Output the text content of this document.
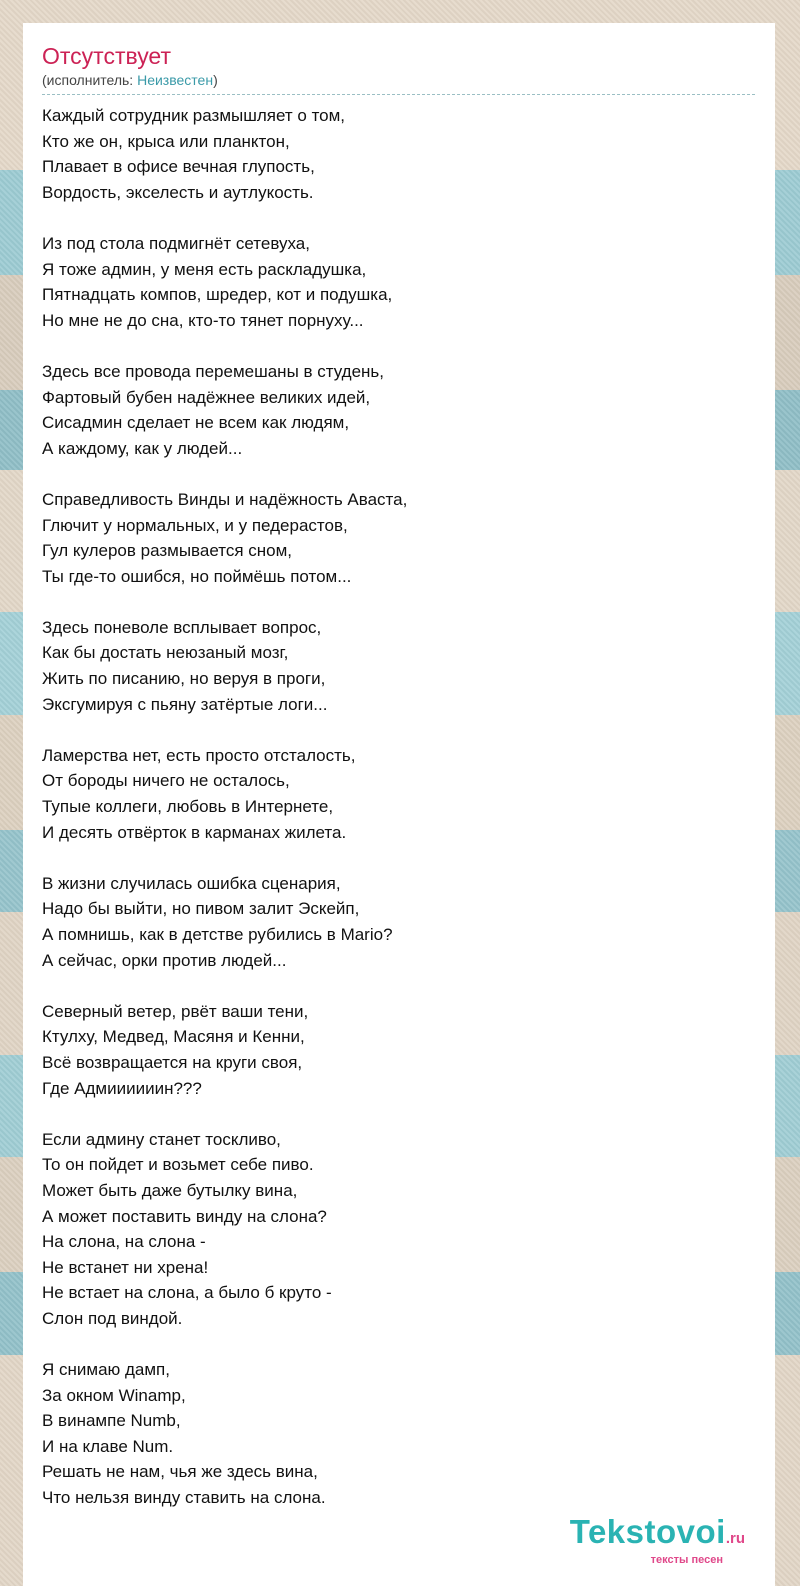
Отсутствует
(исполнитель: Неизвестен)
Каждый сотрудник размышляет о том,
Кто же он, крыса или планктон,
Плавает в офисе вечная глупость,
Вордость, экселесть и аутлукость.
Из под стола подмигнёт сетевуха,
Я тоже админ, у меня есть раскладушка,
Пятнадцать компов, шредер, кот и подушка,
Но мне не до сна, кто-то тянет порнуху...
Здесь все провода перемешаны в студень,
Фартовый бубен надёжнее великих идей,
Сисадмин сделает не всем как людям,
А каждому, как у людей...
Справедливость Винды и надёжность Аваста,
Глючит у нормальных, и у педерастов,
Гул кулеров размывается сном,
Ты где-то ошибся, но поймёшь потом...
Здесь поневоле всплывает вопрос,
Как бы достать неюзаный мозг,
Жить по писанию, но веруя в проги,
Эксгумируя с пьяну затёртые логи...
Ламерства нет, есть просто отсталость,
От бороды ничего не осталось,
Тупые коллеги, любовь в Интернете,
И десять отвёрток в карманах жилета.
В жизни случилась ошибка сценария,
Надо бы выйти, но пивом залит Эскейп,
А помнишь, как в детстве рубились в Mario?
А сейчас, орки против людей...
Северный ветер, рвёт ваши тени,
Ктулху, Медвед, Масяня и Кенни,
Всё возвращается на круги своя,
Где Адмиииииин???
Если админу станет тоскливо,
То он пойдет и возьмет себе пиво.
Может быть даже бутылку вина,
А может поставить винду на слона?
На слона, на слона -
Не встанет ни хрена!
Не встает на слона, а было б круто -
Слон под виндой.
Я снимаю дамп,
За окном Winamp,
В винампе Numb,
И на клаве Num.
Решать не нам, чья же здесь вина,
Что нельзя винду ставить на слона.
Tekstovoi.ru
тексты песен
